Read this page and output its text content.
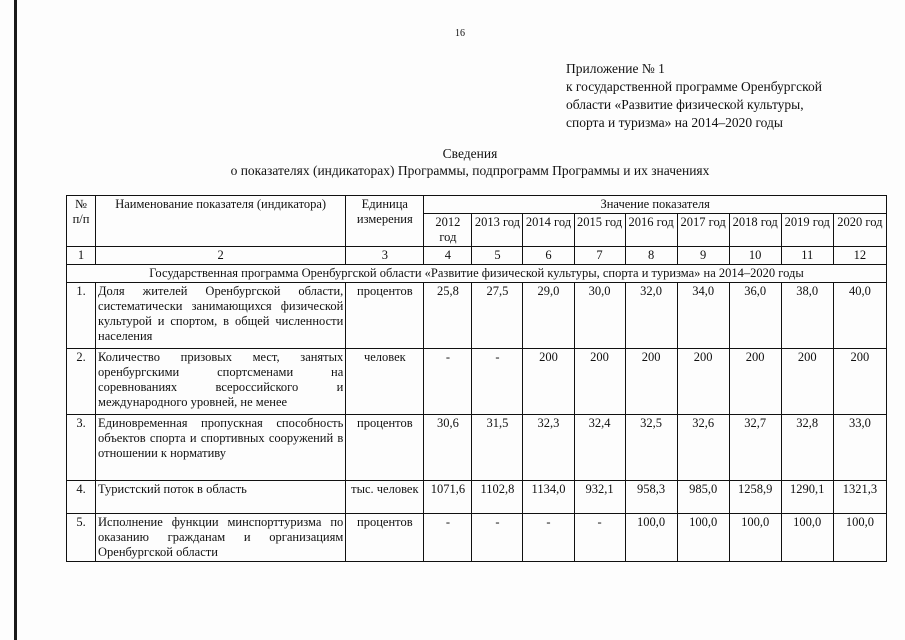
16
Приложение № 1
к государственной программе Оренбургской
области «Развитие физической культуры,
спорта и туризма» на 2014–2020 годы
Сведения
о показателях (индикаторах) Программы, подпрограмм Программы и их значениях
№ п/п	Наименование показателя (индикатора)	Единица измерения	Значение показателя								
			2012 год	2013 год	2014 год	2015 год	2016 год	2017 год	2018 год	2019 год	2020 год
1	2	3	4	5	6	7	8	9	10	11	12
Государственная программа Оренбургской области «Развитие физической культуры, спорта и туризма» на 2014–2020 годы											
1.	Доля жителей Оренбургской области, систематически занимающихся физической культурой и спортом, в общей численности населения	процентов	25,8	27,5	29,0	30,0	32,0	34,0	36,0	38,0	40,0
2.	Количество призовых мест, занятых оренбургскими спортсменами на соревнованиях всероссийского и международного уровней, не менее	человек	-	-	200	200	200	200	200	200	200
3.	Единовременная пропускная способность объектов спорта и спортивных сооружений в отношении к нормативу	процентов	30,6	31,5	32,3	32,4	32,5	32,6	32,7	32,8	33,0
4.	Туристский поток в область	тыс. человек	1071,6	1102,8	1134,0	932,1	958,3	985,0	1258,9	1290,1	1321,3
5.	Исполнение функции минспорттуризма по оказанию гражданам и организациям Оренбургской области	процентов	-	-	-	-	100,0	100,0	100,0	100,0	100,0
